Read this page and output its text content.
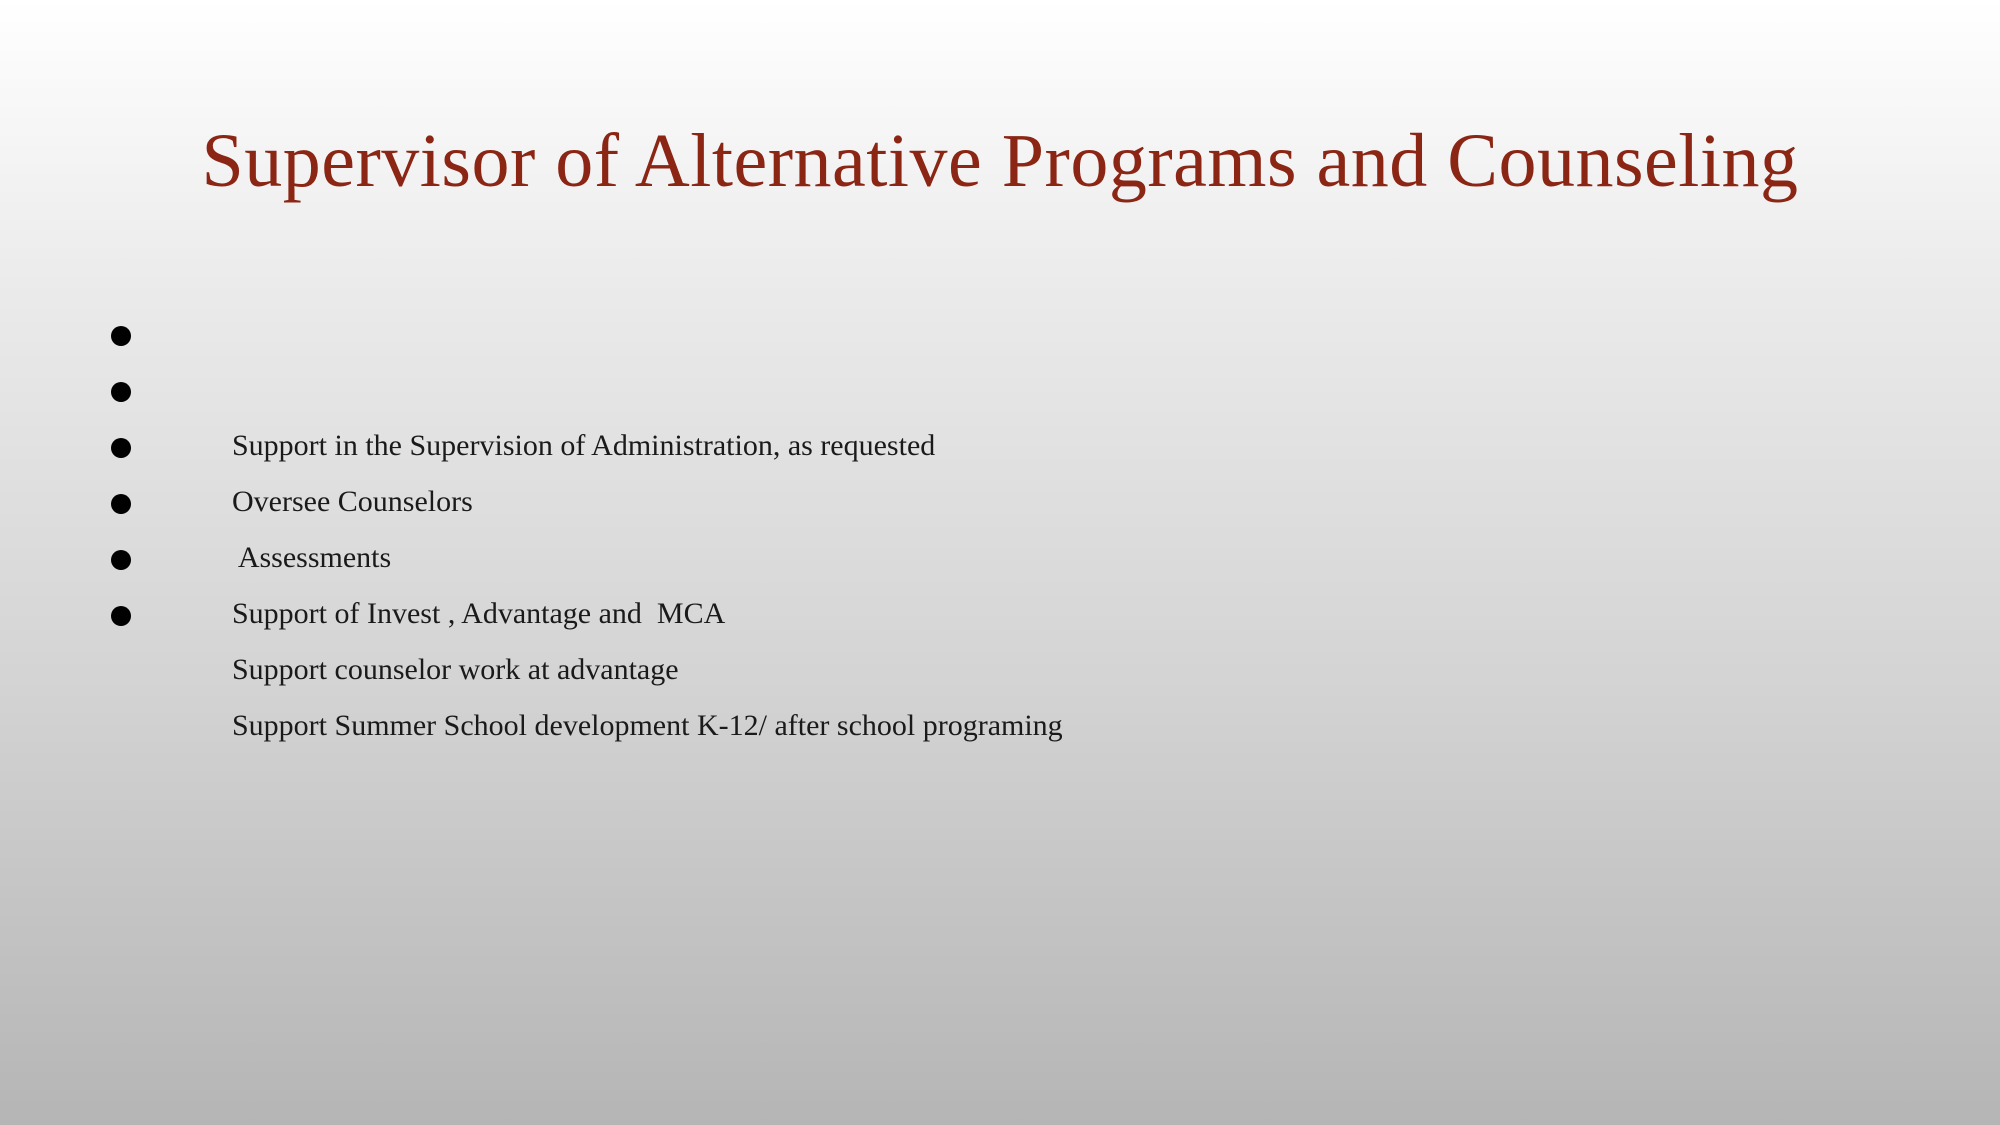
Supervisor of Alternative Programs and Counseling

Support in the Supervision of Administration, as requested

Oversee Counselors

Assessments

Support of Invest , Advantage and  MCA

Support counselor work at advantage

Support Summer School development K-12/ after school programing
